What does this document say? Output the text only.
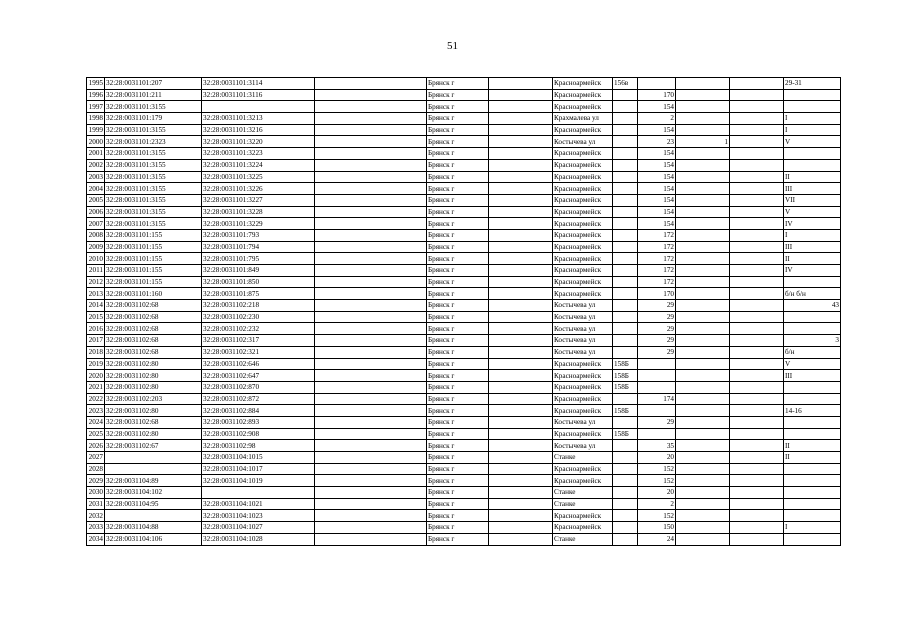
51
1995	32:28:0031101:207	32:28:0031101:3114		Брянск г		Красноармейск	156в				29-31
1996	32:28:0031101:211	32:28:0031101:3116		Брянск г		Красноармейск		170			
1997	32:28:0031101:3155			Брянск г		Красноармейск		154			
1998	32:28:0031101:179	32:28:0031101:3213		Брянск г		Крахмалева ул		2			I
1999	32:28:0031101:3155	32:28:0031101:3216		Брянск г		Красноармейск		154			I
2000	32:28:0031101:2323	32:28:0031101:3220		Брянск г		Костычева ул		23	1		V
2001	32:28:0031101:3155	32:28:0031101:3223		Брянск г		Красноармейск		154			
2002	32:28:0031101:3155	32:28:0031101:3224		Брянск г		Красноармейск		154			
2003	32:28:0031101:3155	32:28:0031101:3225		Брянск г		Красноармейск		154			II
2004	32:28:0031101:3155	32:28:0031101:3226		Брянск г		Красноармейск		154			III
2005	32:28:0031101:3155	32:28:0031101:3227		Брянск г		Красноармейск		154			VII
2006	32:28:0031101:3155	32:28:0031101:3228		Брянск г		Красноармейск		154			V
2007	32:28:0031101:3155	32:28:0031101:3229		Брянск г		Красноармейск		154			IV
2008	32:28:0031101:155	32:28:0031101:793		Брянск г		Красноармейск		172			I
2009	32:28:0031101:155	32:28:0031101:794		Брянск г		Красноармейск		172			III
2010	32:28:0031101:155	32:28:0031101:795		Брянск г		Красноармейск		172			II
2011	32:28:0031101:155	32:28:0031101:849		Брянск г		Красноармейск		172			IV
2012	32:28:0031101:155	32:28:0031101:850		Брянск г		Красноармейск		172			
2013	32:28:0031101:160	32:28:0031101:875		Брянск г		Красноармейск		170			б/н б/н
2014	32:28:0031102:68	32:28:0031102:218		Брянск г		Костычева ул		29			43
2015	32:28:0031102:68	32:28:0031102:230		Брянск г		Костычева ул		29			
2016	32:28:0031102:68	32:28:0031102:232		Брянск г		Костычева ул		29			
2017	32:28:0031102:68	32:28:0031102:317		Брянск г		Костычева ул		29			3
2018	32:28:0031102:68	32:28:0031102:321		Брянск г		Костычева ул		29			б/н
2019	32:28:0031102:80	32:28:0031102:646		Брянск г		Красноармейск	158Б				V
2020	32:28:0031102:80	32:28:0031102:647		Брянск г		Красноармейск	158Б				III
2021	32:28:0031102:80	32:28:0031102:870		Брянск г		Красноармейск	158Б				
2022	32:28:0031102:203	32:28:0031102:872		Брянск г		Красноармейск		174			
2023	32:28:0031102:80	32:28:0031102:884		Брянск г		Красноармейск	158Б				14-16
2024	32:28:0031102:68	32:28:0031102:893		Брянск г		Костычева ул		29			
2025	32:28:0031102:80	32:28:0031102:908		Брянск г		Красноармейск	158Б				
2026	32:28:0031102:67	32:28:0031102:98		Брянск г		Костычева ул		35			II
2027		32:28:0031104:1015		Брянск г		Станке		20			II
2028		32:28:0031104:1017		Брянск г		Красноармейск		152			
2029	32:28:0031104:89	32:28:0031104:1019		Брянск г		Красноармейск		152			
2030	32:28:0031104:102			Брянск г		Станке		20			
2031	32:28:0031104:95	32:28:0031104:1021		Брянск г		Станке		2			
2032		32:28:0031104:1023		Брянск г		Красноармейск		152			
2033	32:28:0031104:88	32:28:0031104:1027		Брянск г		Красноармейск		150			I
2034	32:28:0031104:106	32:28:0031104:1028		Брянск г		Станке		24			
